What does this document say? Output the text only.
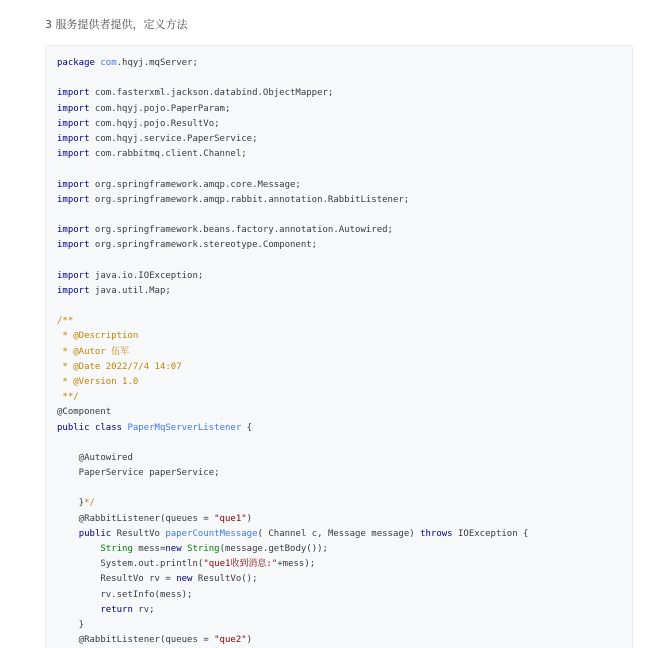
3 服务提供者提供，定义方法
package com.hqyj.mqServer;

import com.fasterxml.jackson.databind.ObjectMapper;
import com.hqyj.pojo.PaperParam;
import com.hqyj.pojo.ResultVo;
import com.hqyj.service.PaperService;
import com.rabbitmq.client.Channel;

import org.springframework.amqp.core.Message;
import org.springframework.amqp.rabbit.annotation.RabbitListener;

import org.springframework.beans.factory.annotation.Autowired;
import org.springframework.stereotype.Component;

import java.io.IOException;
import java.util.Map;

/**
* @Description
* @Autor 伍军
* @Date 2022/7/4 14:07
* @Version 1.0
**/
@Component
public class PaperMqServerListener {

@Autowired
PaperService paperService;

}*/
@RabbitListener(queues = "que1")
public ResultVo paperCountMessage( Channel c, Message message) throws IOException {
String mess=new String(message.getBody());
System.out.println("que1收到消息:"+mess);
ResultVo rv = new ResultVo();
rv.setInfo(mess);
return rv;
}
@RabbitListener(queues = "que2")
